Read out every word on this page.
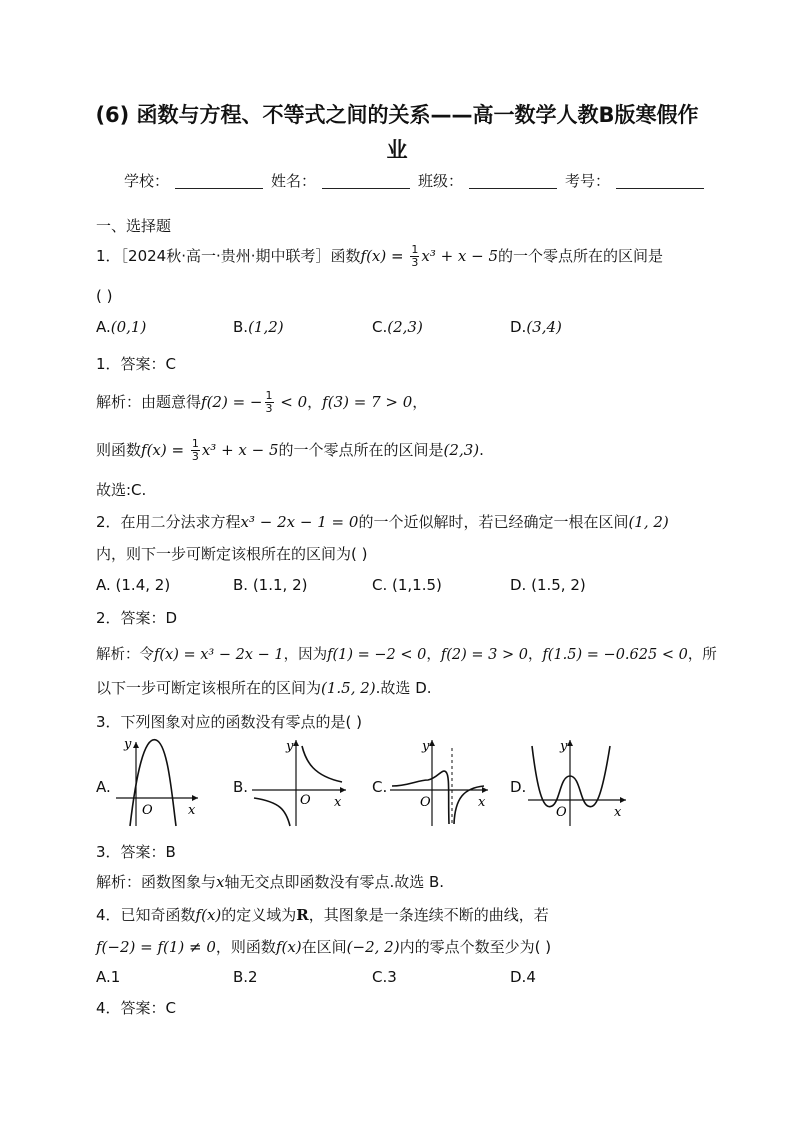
(6) 函数与方程、不等式之间的关系——高一数学人教B版寒假作
业
学校：	姓名：	班级：	考号：
一、选择题
1．［2024秋·高一·贵州·期中联考］函数$f(x) = \frac{1}{3} x^3 + x - 5$的一个零点所在的区间是
( )
A.(0,1)	B.(1,2)	C.(2,3)	D.(3,4)
1．答案：C
解析：由题意得f(2) = − $\frac{1}{3} < 0$，f(3) = 7 > 0，
则函数$f(x) = \frac{1}{3} x^3 + x - 5$的一个零点所在的区间是(2,3).
故选:C.
2．在用二分法求方程x³ − 2x − 1 = 0的一个近似解时，若已经确定一根在区间(1, 2)
内，则下一步可断定该根所在的区间为( )
A. (1.4, 2)	B. (1.1, 2)	C. (1,1.5)	D. (1.5, 2)
2．答案：D
解析：令f(x) = x³ − 2x − 1，因为f(1) = −2 < 0，f(2) = 3 > 0，f(1.5) = −0.625 < 0，所
以下一步可断定该根所在的区间为(1.5, 2).故选 D.
3．下列图象对应的函数没有零点的是( )
A.
y
x
O
B.
y
x
O
C.
y
x
O
D.
y
x
O
3．答案：B
解析：函数图象与x轴无交点即函数没有零点.故选 B.
4．已知奇函数f(x)的定义域为R，其图象是一条连续不断的曲线，若
f(−2) = f(1) ≠ 0，则函数f(x)在区间(−2, 2)内的零点个数至少为( )
A.1	B.2	C.3	D.4
4．答案：C
